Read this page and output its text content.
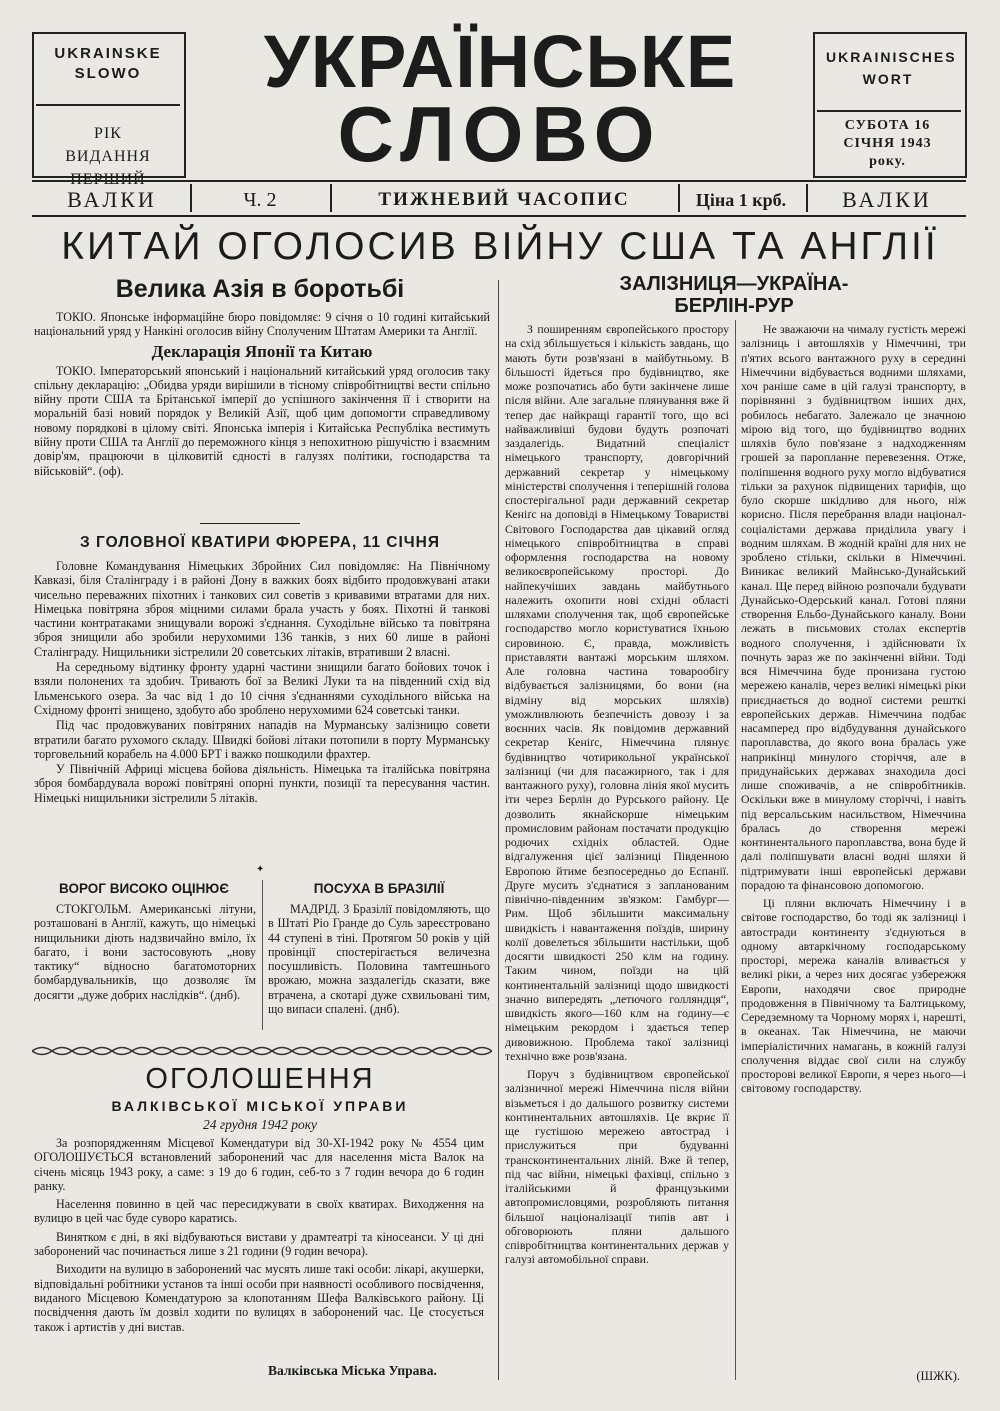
UKRAINSKE SLOWO
РІК ВИДАННЯ
УКРАЇНСЬКЕ
СЛОВО
UKRAINISCHES WORT
СУБОТА 16 СІЧНЯ 1943 року.
ВАЛКИ	Ч. 2	ТИЖНЕВИЙ ЧАСОПИС	Ціна 1 крб.	ВАЛКИ
КИТАЙ ОГОЛОСИВ ВІЙНУ США ТА АНГЛІЇ
Велика Азія в боротьбі

ТОКІО. Японське інформаційне бюро повідомляє: 9 січня о 10 годині китайський національний уряд у Нанкіні оголосив війну Сполученим Штатам Америки та Англії.

Декларація Японії та Китаю

ТОКІО. Імператорський японський і національний китайський уряд оголосив таку спільну декларацію: „Обидва уряди вирішили в тісному співробітництві вести спільно війну проти США та Брітанської імперії до успішного закінчення її і створити на моральній базі новий порядок у Великій Азії, щоб цим допомогти справедливому новому порядкові в цілому світі. Японська імперія і Китайська Республіка вестимуть війну проти США та Англії до переможного кінця з непохитною рішучістю і взаємним довір'ям, працюючи в цілковитій єдності в галузях політики, господарства та військовій“. (оф).

З ГОЛОВНОЇ КВАТИРИ ФЮРЕРА, 11 СІЧНЯ

Головне Командування Німецьких Збройних Сил повідомляє: На Північному Кавказі, біля Сталінграду і в районі Дону в важких боях відбито продовжувані атаки чисельно переважних піхотних і танкових сил советів з кривавими втратами для них. Німецька повітряна зброя міцними силами брала участь у боях. Піхотні й танкові частини контратаками знищували ворожі з'єднання. Суходільне військо та повітряна зброя знищили або зробили нерухомими 136 танків, з них 60 лише в районі Сталінграду. Нищильники зістрелили 20 советських літаків, втративши 2 власні.

На середньому відтинку фронту ударні частини знищили багато бойових точок і взяли полонених та здобич. Тривають бої за Великі Луки та на південний схід від Ільменського озера. За час від 1 до 10 січня з'єднаннями суходільного війська на Східному фронті знищено, здобуто або зроблено нерухомими 624 советські танки.

Під час продовжуваних повітряних нападів на Мурманську залізницю совети втратили багато рухомого складу. Швидкі бойові літаки потопили в порту Мурманську торговельний корабель на 4.000 БРТ і важко пошкодили фрахтер.

У Північній Африці місцева бойова діяльність. Німецька та італійська повітряна зброя бомбардувала ворожі повітряні опорні пункти, позиції та пересування частин. Німецькі нищильники зістрелили 5 літаків.

✦
ВОРОГ ВИСОКО ОЦІНЮЄ

СТОКГОЛЬМ. Американські літуни, розташовані в Англії, кажуть, що німецькі нищильники діють надзвичайно вміло, їх багато, і вони застосовують „нову тактику“ відносно багатомоторних бомбардувальників, що дозволяє їм досягти „дуже добрих наслідків“. (днб).

ПОСУХА В БРАЗІЛІЇ

МАДРІД. З Бразілії повідомляють, що в Штаті Ріо Гранде до Суль зареєстровано 44 ступені в тіні. Протягом 50 років у цій провінції спостерігається величезна посушливість. Половина тамтешнього врожаю, можна заздалегідь сказати, вже втрачена, а скотарі дуже схвильовані тим, що випаси спалені. (днб).

ОГОЛОШЕННЯ
ВАЛКІВСЬКОЇ МІСЬКОЇ УПРАВИ
24 грудня 1942 року

За розпорядженням Місцевої Комендатури від 30-XI-1942 року № 4554 цим ОГОЛОШУЄТЬСЯ встановлений заборонений час для населення міста Валок на січень місяць 1943 року, а саме: з 19 до 6 годин, себ-то з 7 годин вечора до 6 годин ранку.

Населення повинно в цей час пересиджувати в своїх кватирах. Виходження на вулицю в цей час буде суворо каратись.

Винятком є дні, в які відбуваються вистави у драмтеатрі та кіносеанси. У ці дні заборонений час починається лише з 21 години (9 годин вечора).

Виходити на вулицю в заборонений час мусять лише такі особи: лікарі, акушерки, відповідальні робітники установ та інші особи при наявності особливого посвідчення, виданого Місцевою Комендатурою за клопотанням Шефа Валківського району. Ці посвідчення дають їм дозвіл ходити по вулицях в заборонений час. Це стосується також і артистів у дні вистав.

Валківська Міська Управа.
ЗАЛІЗНИЦЯ—УКРАЇНА-
БЕРЛІН-РУР

З поширенням європейського простору на схід збільшується і кількість завдань, що мають бути розв'язані в майбутньому. В більшості йдеться про будівництво, яке може розпочатись або бути закінчене лише після війни. Але загальне плянування вже й тепер дає найкращі гарантії того, що всі найважливіші будови будуть розпочаті заздалегідь. Видатний спеціаліст німецького транспорту, довгорічний державний секретар у німецькому міністерстві сполучення і теперішній голова спостерігальної ради державний секретар Кеніґс на доповіді в Німецькому Товаристві Світового Господарства дав цікавий огляд німецького співробітництва в справі оформлення господарства на новому великоєвропейському просторі. До найпекучіших завдань майбутнього належить охопити нові східні області шляхами сполучення так, щоб європейське господарство могло користуватися їхньою сировиною. Є, правда, можливість приставляти вантажі морським шляхом. Але головна частина товарообігу відбувається залізницями, бо вони (на відміну від морських шляхів) уможливлюють безпечність довозу і за воєнних часів. Як повідомив державний секретар Кеніґс, Німеччина плянує будівництво чотирикольної української залізниці (чи для пасажирного, так і для вантажного руху), головна лінія якої мусить іти через Берлін до Рурського району. Це дозволить якнайскорше німецьким промисловим районам постачати продукцію родючих східніх областей. Одне відгалуження цієї залізниці Південною Европою йтиме безпосередньо до Еспанії. Друге мусить з'єднатися з запланованим північно-південним зв'язком: Гамбург—Рим. Щоб збільшити максимальну швидкість і навантаження поїздів, ширину колії довелеться збільшити настільки, щоб досягти швидкості 250 клм на годину. Таким чином, поїзди на цій континентальній залізниці щодо швидкості значно випередять „летючого голляндця“, швидкість якого—160 клм на годину—є німецьким рекордом і здається тепер дивовижною. Проблема такої залізниці технічно вже розв'язана.

Поруч з будівництвом європейської залізничної мережі Німеччина після війни візьметься і до дальшого розвитку системи континентальних автошляхів. Це вкриє її ще густішою мережею автострад і прислужиться при будуванні трансконтинентальних ліній. Вже й тепер, під час війни, німецькі фахівці, спільно з італійськими й французькими автопромисловцями, розробляють питання більшої націоналізації типів авт і обговорюють пляни дальшого співробітництва континентальних держав у галузі автомобільної справи.

Не зважаючи на чималу густість мережі залізниць і автошляхів у Німеччині, три п'ятих всього вантажного руху в середині Німеччини відбувається водними шляхами, хоч раніше саме в цій галузі транспорту, в порівнянні з будівництвом інших днх, робилось небагато. Залежало це значною мірою від того, що будівництво водних шляхів було пов'язане з надходженням грошей за паропланне перевезення. Отже, поліпшення водного руху могло відбуватися тільки за рахунок підвищених тарифів, що було скорше шкідливо для нього, ніж корисно. Після перебрання влади націонал-соціалістами держава приділила увагу і водним шляхам. В жодній країні для них не зроблено стільки, скільки в Німеччині. Виникає великий Майнсько-Дунайський канал. Ще перед війною розпочали будувати Дунайсько-Одерський канал. Готові пляни створення Ельбо-Дунайського каналу. Вони лежать в письмових столах експертів водного сполучення, і здійснювати їх почнуть зараз же по закінченні війни. Тоді вся Німеччина буде пронизана густою мережею каналів, через великі німецькі ріки приєднається до водної системи решткі европейських держав. Німеччина подбає насамперед про відбудування дунайського пароплавства, до якого вона бралась уже наприкінці минулого сторіччя, але в придунайських державах знаходила досі лише споживачів, а не співробітників. Оскільки вже в минулому сторіччі, і навіть під версальським насильством, Німеччина бралась до створення мережі континентального пароплавства, вона буде й далі поліпшувати власні водні шляхи й підтримувати інші европейські держави порадою та фінансовою допомогою.

Ці пляни включать Німеччину і в світове господарство, бо тоді як залізниці і автостради континенту з'єднуються в одному автаркічному господарському просторі, мережа каналів вливається у великі ріки, а через них досягає узбережжя Европи, находячи своє природне продовження в Північному та Балтицькому, Середземному та Чорному морях і, нарешті, в океанах. Так Німеччина, не маючи імперіалістичних намагань, в кожній галузі сполучення віддає свої сили на службу просторові великої Европи, я через нього—і світовому господарству.

(ШЖК).
